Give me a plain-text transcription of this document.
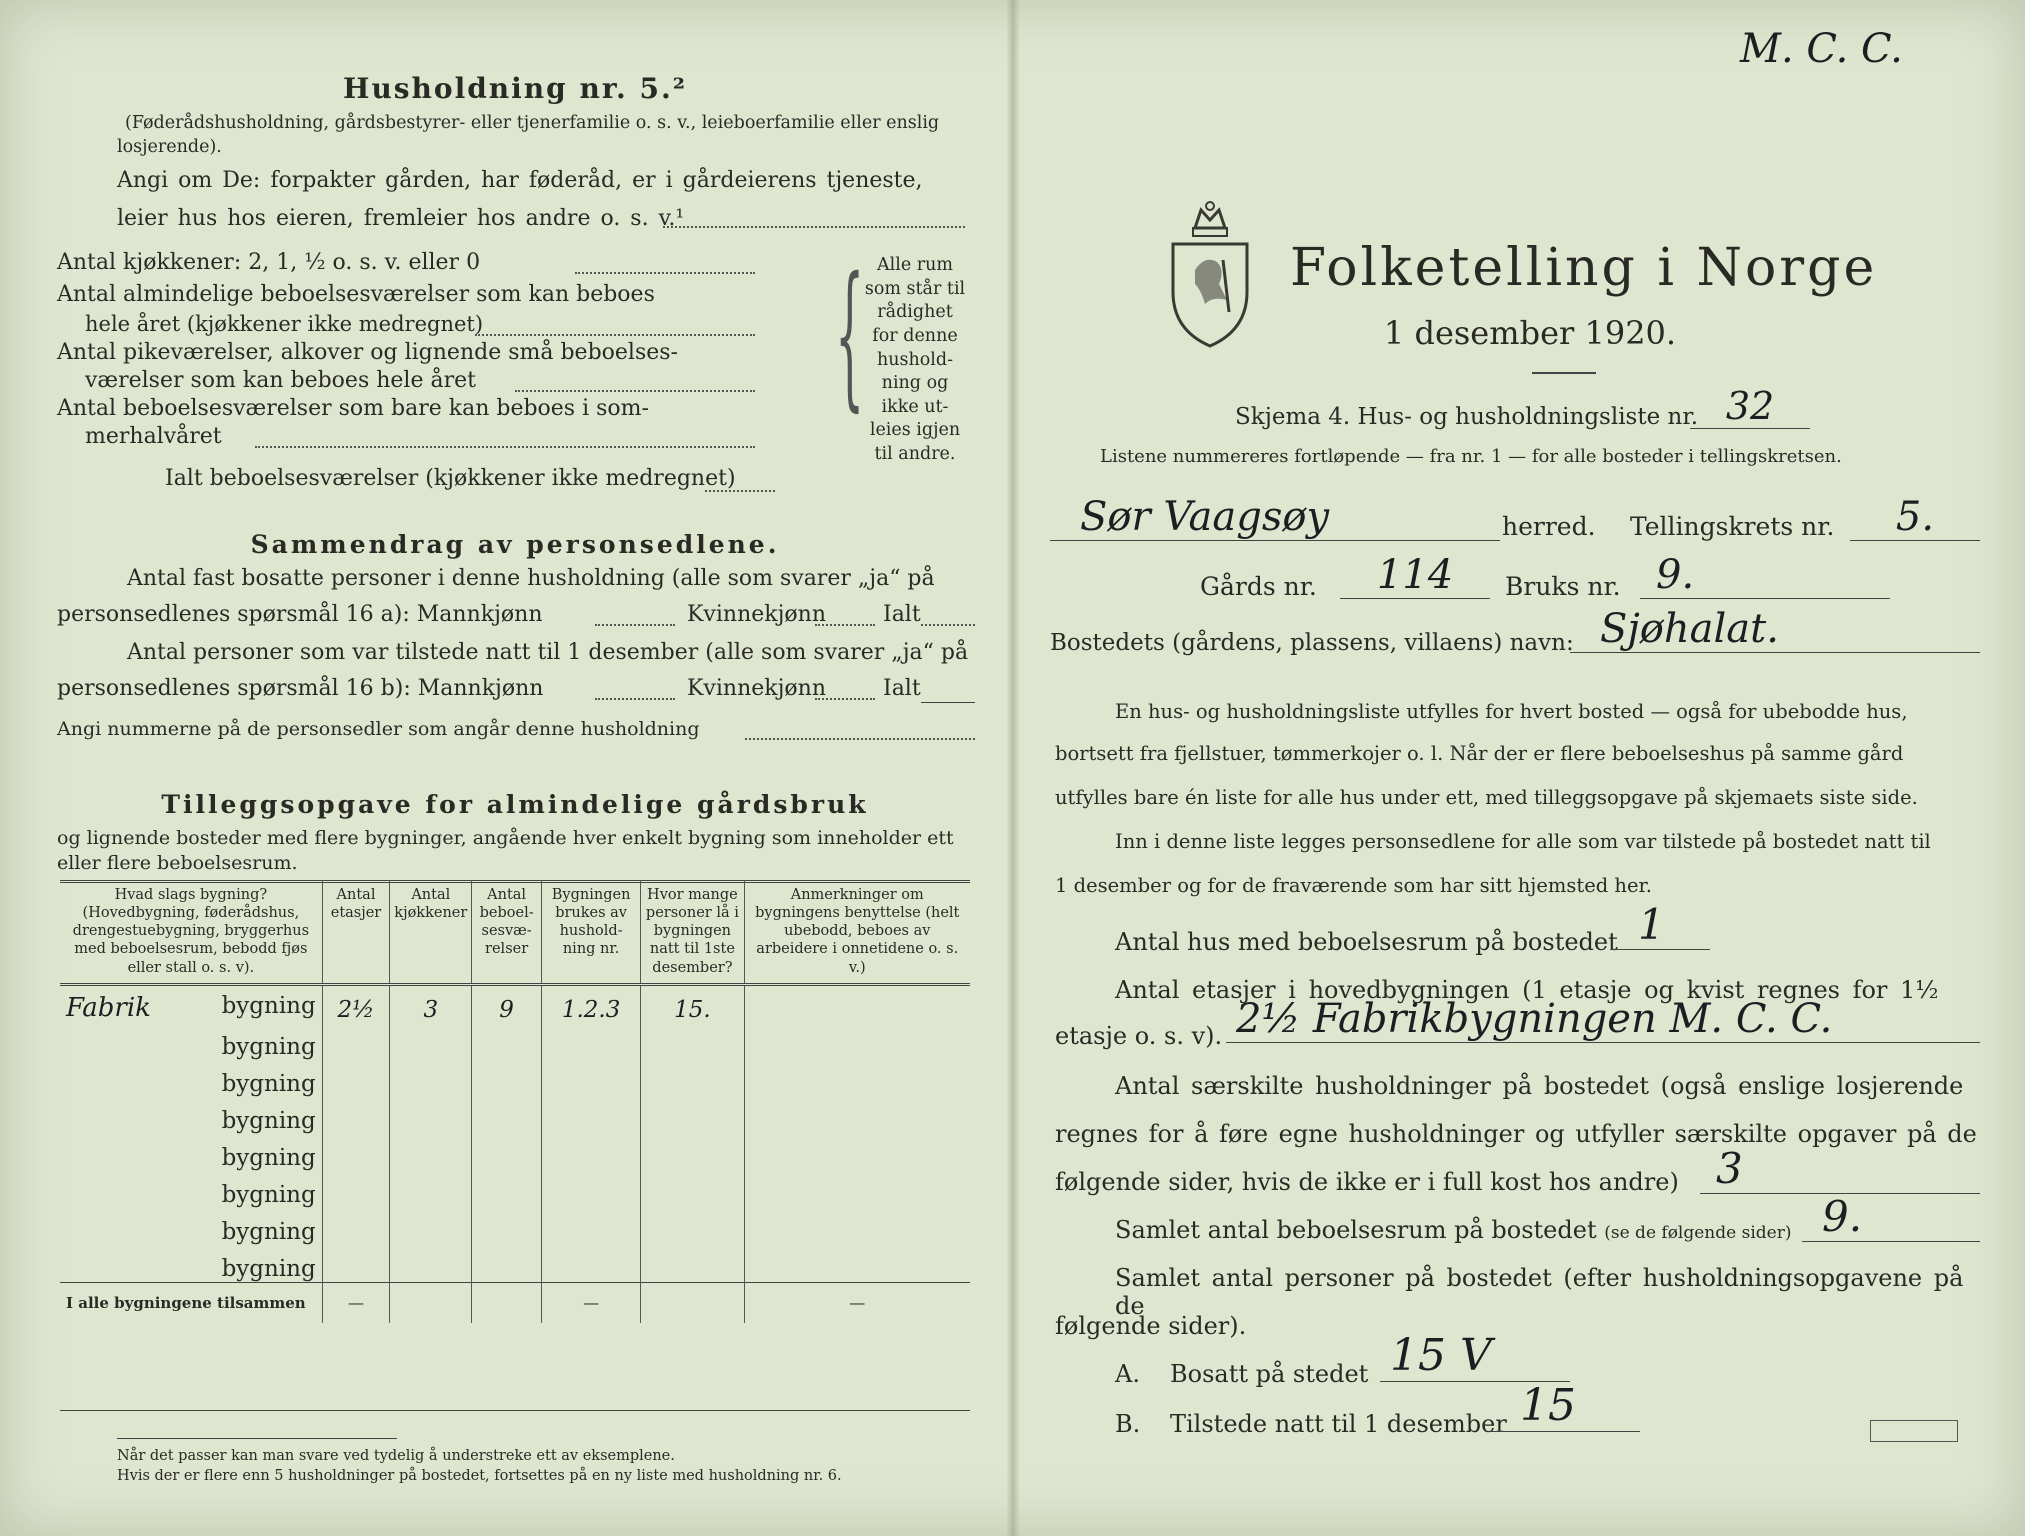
Husholdning nr. 5.²
(Føderådshusholdning, gårdsbestyrer- eller tjenerfamilie o. s. v., leieboerfamilie eller enslig losjerende).
Angi om De: forpakter gården, har føderåd, er i gårdeierens tjeneste,
leier hus hos eieren, fremleier hos andre o. s. v.¹
Antal kjøkkener: 2, 1, ½ o. s. v. eller 0
Antal almindelige beboelsesværelser som kan beboes
hele året (kjøkkener ikke medregnet)
Antal pikeværelser, alkover og lignende små beboelses-
værelser som kan beboes hele året
Antal beboelsesværelser som bare kan beboes i som-
merhalvåret
Ialt beboelsesværelser (kjøkkener ikke medregnet)
{ Alle rum
som står til
rådighet
for denne
hushold-
ning og
ikke ut-
leies igjen
til andre.
Sammendrag av personsedlene.
Antal fast bosatte personer i denne husholdning (alle som svarer „ja“ på
personsedlenes spørsmål 16 a): Mannkjønn	Kvinnekjønn	Ialt
Antal personer som var tilstede natt til 1 desember (alle som svarer „ja“ på
personsedlenes spørsmål 16 b): Mannkjønn	Kvinnekjønn	Ialt
Angi nummerne på de personsedler som angår denne husholdning
Tilleggsopgave for almindelige gårdsbruk
og lignende bosteder med flere bygninger, angående hver enkelt bygning som inneholder ett eller flere beboelsesrum.
Hvad slags bygning? (Hovedbygning, føderådshus, drengestuebygning, bryggerhus med beboelsesrum, bebodd fjøs eller stall o. s. v).	Antal etasjer	Antal kjøkkener	Antal beboel-sesvæ-relser	Bygningen brukes av hushold-ning nr.	Hvor mange personer lå i bygningen natt til 1ste desember?	Anmerkninger om bygningens benyttelse (helt ubebodd, beboes av arbeidere i onnetidene o. s. v.)

Fabrik bygning	2½	3	9	1.2.3	15.	
bygning						
bygning						
bygning						
bygning						
bygning						
bygning						
bygning						
I alle bygningene tilsammen	—			—		—
Når det passer kan man svare ved tydelig å understreke ett av eksemplene.
Hvis der er flere enn 5 husholdninger på bostedet, fortsettes på en ny liste med husholdning nr. 6.
M. C. C.
Folketelling i Norge
1 desember 1920.
Skjema 4. Hus- og husholdningsliste nr. 32
Listene nummereres fortløpende — fra nr. 1 — for alle bosteder i tellingskretsen.
Sør Vaagsøy	herred. Tellingskrets nr.	5.
Gårds nr.	114	Bruks nr. 9.
Bostedets (gårdens, plassens, villaens) navn: Sjøhalat.
En hus- og husholdningsliste utfylles for hvert bosted — også for ubebodde hus,
bortsett fra fjellstuer, tømmerkojer o. l. Når der er flere beboelseshus på samme gård
utfylles bare én liste for alle hus under ett, med tilleggsopgave på skjemaets siste side.
Inn i denne liste legges personsedlene for alle som var tilstede på bostedet natt til
1 desember og for de fraværende som har sitt hjemsted her.
Antal hus med beboelsesrum på bostedet 1
Antal etasjer i hovedbygningen (1 etasje og kvist regnes for 1½
etasje o. s. v). 2½ Fabrikbygningen M. C. C.
Antal særskilte husholdninger på bostedet (også enslige losjerende
regnes for å føre egne husholdninger og utfyller særskilte opgaver på de
følgende sider, hvis de ikke er i full kost hos andre) 3
Samlet antal beboelsesrum på bostedet (se de følgende sider) 9.
Samlet antal personer på bostedet (efter husholdningsopgavene på de
følgende sider).
A. Bosatt på stedet 15 V
B. Tilstede natt til 1 desember 15
